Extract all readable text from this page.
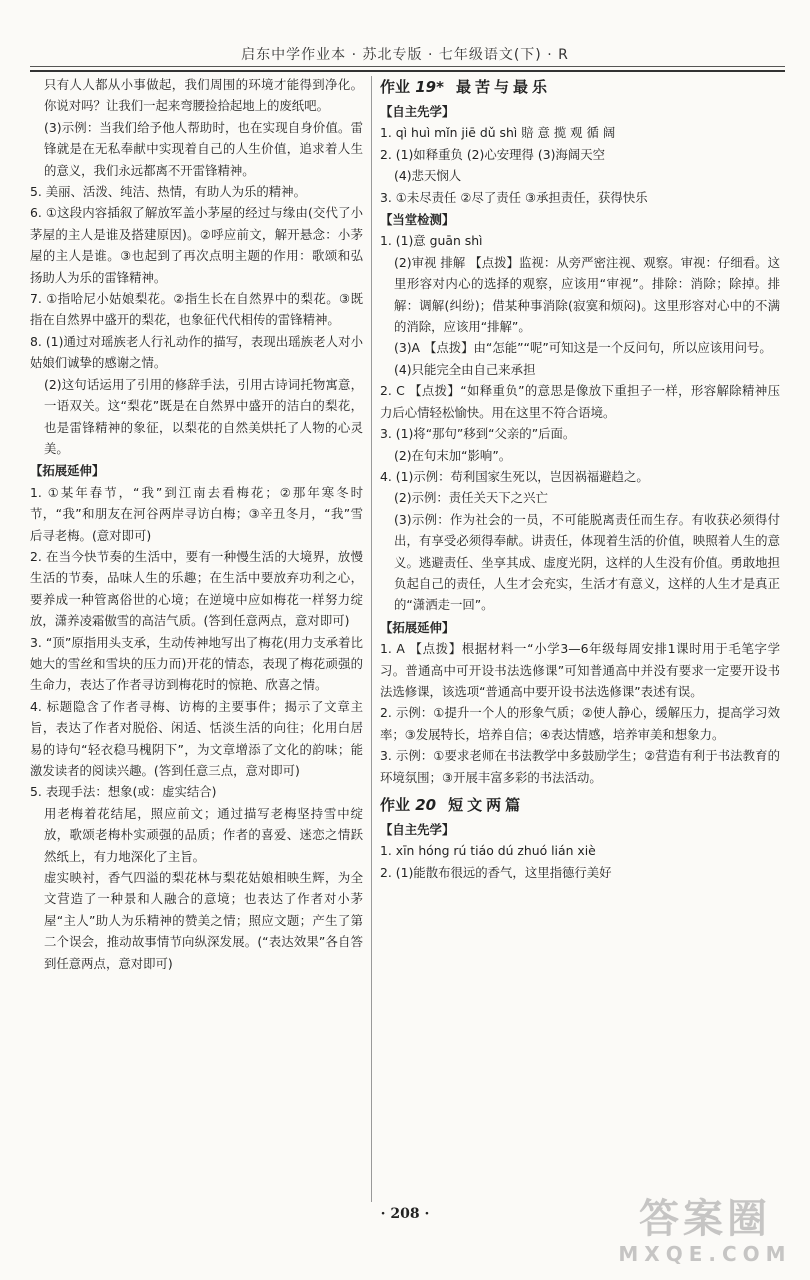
启东中学作业本 · 苏北专版 · 七年级语文(下) · R

只有人人都从小事做起，我们周围的环境才能得到净化。你说对吗？让我们一起来弯腰捡拾起地上的废纸吧。

(3)示例：当我们给予他人帮助时，也在实现自身价值。雷锋就是在无私奉献中实现着自己的人生价值，追求着人生的意义，我们永远都离不开雷锋精神。

5. 美丽、活泼、纯洁、热情，有助人为乐的精神。

6. ①这段内容插叙了解放军盖小茅屋的经过与缘由(交代了小茅屋的主人是谁及搭建原因)。②呼应前文，解开悬念：小茅屋的主人是谁。③也起到了再次点明主题的作用：歌颂和弘扬助人为乐的雷锋精神。

7. ①指哈尼小姑娘梨花。②指生长在自然界中的梨花。③既指在自然界中盛开的梨花，也象征代代相传的雷锋精神。

8. (1)通过对瑶族老人行礼动作的描写，表现出瑶族老人对小姑娘们诚挚的感谢之情。

(2)这句话运用了引用的修辞手法，引用古诗词托物寓意，一语双关。这“梨花”既是在自然界中盛开的洁白的梨花，也是雷锋精神的象征，以梨花的自然美烘托了人物的心灵美。

【拓展延伸】

1. ①某年春节，“我”到江南去看梅花；②那年寒冬时节，“我”和朋友在河谷两岸寻访白梅；③辛丑冬月，“我”雪后寻老梅。(意对即可)

2. 在当今快节奏的生活中，要有一种慢生活的大境界，放慢生活的节奏，品味人生的乐趣；在生活中要放弃功利之心，要养成一种管离俗世的心境；在逆境中应如梅花一样努力绽放，潇养凌霜傲雪的高洁气质。(答到任意两点，意对即可)

3. “顶”原指用头支承，生动传神地写出了梅花(用力支承着比她大的雪丝和雪块的压力而)开花的情态，表现了梅花顽强的生命力，表达了作者寻访到梅花时的惊艳、欣喜之情。

4. 标题隐含了作者寻梅、访梅的主要事件；揭示了文章主旨，表达了作者对脱俗、闲适、恬淡生活的向往；化用白居易的诗句“轻衣稳马槐阴下”，为文章增添了文化的韵味；能激发读者的阅读兴趣。(答到任意三点，意对即可)

5. 表现手法：想象(或：虚实结合)

用老梅着花结尾，照应前文；通过描写老梅坚持雪中绽放，歌颂老梅朴实顽强的品质；作者的喜爱、迷恋之情跃然纸上，有力地深化了主旨。

虚实映衬，香气四溢的梨花林与梨花姑娘相映生辉，为全文营造了一种景和人融合的意境；也表达了作者对小茅屋“主人”助人为乐精神的赞美之情；照应文题；产生了第二个误会，推动故事情节向纵深发展。(“表达效果”各自答到任意两点，意对即可)

作业 19* 最苦与最乐

【自主先学】

1. qì huì mǐn jiē dǔ shì 賠 意 揽 观 循 阔

2. (1)如释重负 (2)心安理得 (3)海阔天空

(4)悲天悯人

3. ①未尽责任 ②尽了责任 ③承担责任，获得快乐

【当堂检测】

1. (1)意 guān shì

(2)审视 排解 【点拨】监视：从旁严密注视、观察。审视：仔细看。这里形容对内心的选择的观察，应该用“审视”。排除：消除；除掉。排解：调解(纠纷)；借某种事消除(寂寞和烦闷)。这里形容对心中的不满的消除，应该用“排解”。

(3)A 【点拨】由“怎能”“呢”可知这是一个反问句，所以应该用问号。

(4)只能完全由自己来承担

2. C 【点拨】“如释重负”的意思是像放下重担子一样，形容解除精神压力后心情轻松愉快。用在这里不符合语境。

3. (1)将“那句”移到“父亲的”后面。

(2)在句末加“影响”。

4. (1)示例：苟利国家生死以，岂因祸福避趋之。

(2)示例：责任关天下之兴亡

(3)示例：作为社会的一员，不可能脱离责任而生存。有收获必须得付出，有享受必须得奉献。讲责任，体现着生活的价值，映照着人生的意义。逃避责任、坐享其成、虚度光阴，这样的人生没有价值。勇敢地担负起自己的责任，人生才会充实，生活才有意义，这样的人生才是真正的“潇洒走一回”。

【拓展延伸】

1. A 【点拨】根据材料一“小学3—6年级每周安排1课时用于毛笔字学习。普通高中可开设书法选修课”可知普通高中并没有要求一定要开设书法选修课，该选项“普通高中要开设书法选修课”表述有误。

2. 示例：①提升一个人的形象气质；②使人静心，缓解压力，提高学习效率；③发展特长，培养自信；④表达情感，培养审美和想象力。

3. 示例：①要求老师在书法教学中多鼓励学生；②营造有利于书法教育的环境氛围；③开展丰富多彩的书法活动。

作业 20 短文两篇

【自主先学】

1. xīn hóng rú tiáo dú zhuó lián xiè

2. (1)能散布很远的香气，这里指德行美好

· 208 ·	答案圈
MXQE.COM
